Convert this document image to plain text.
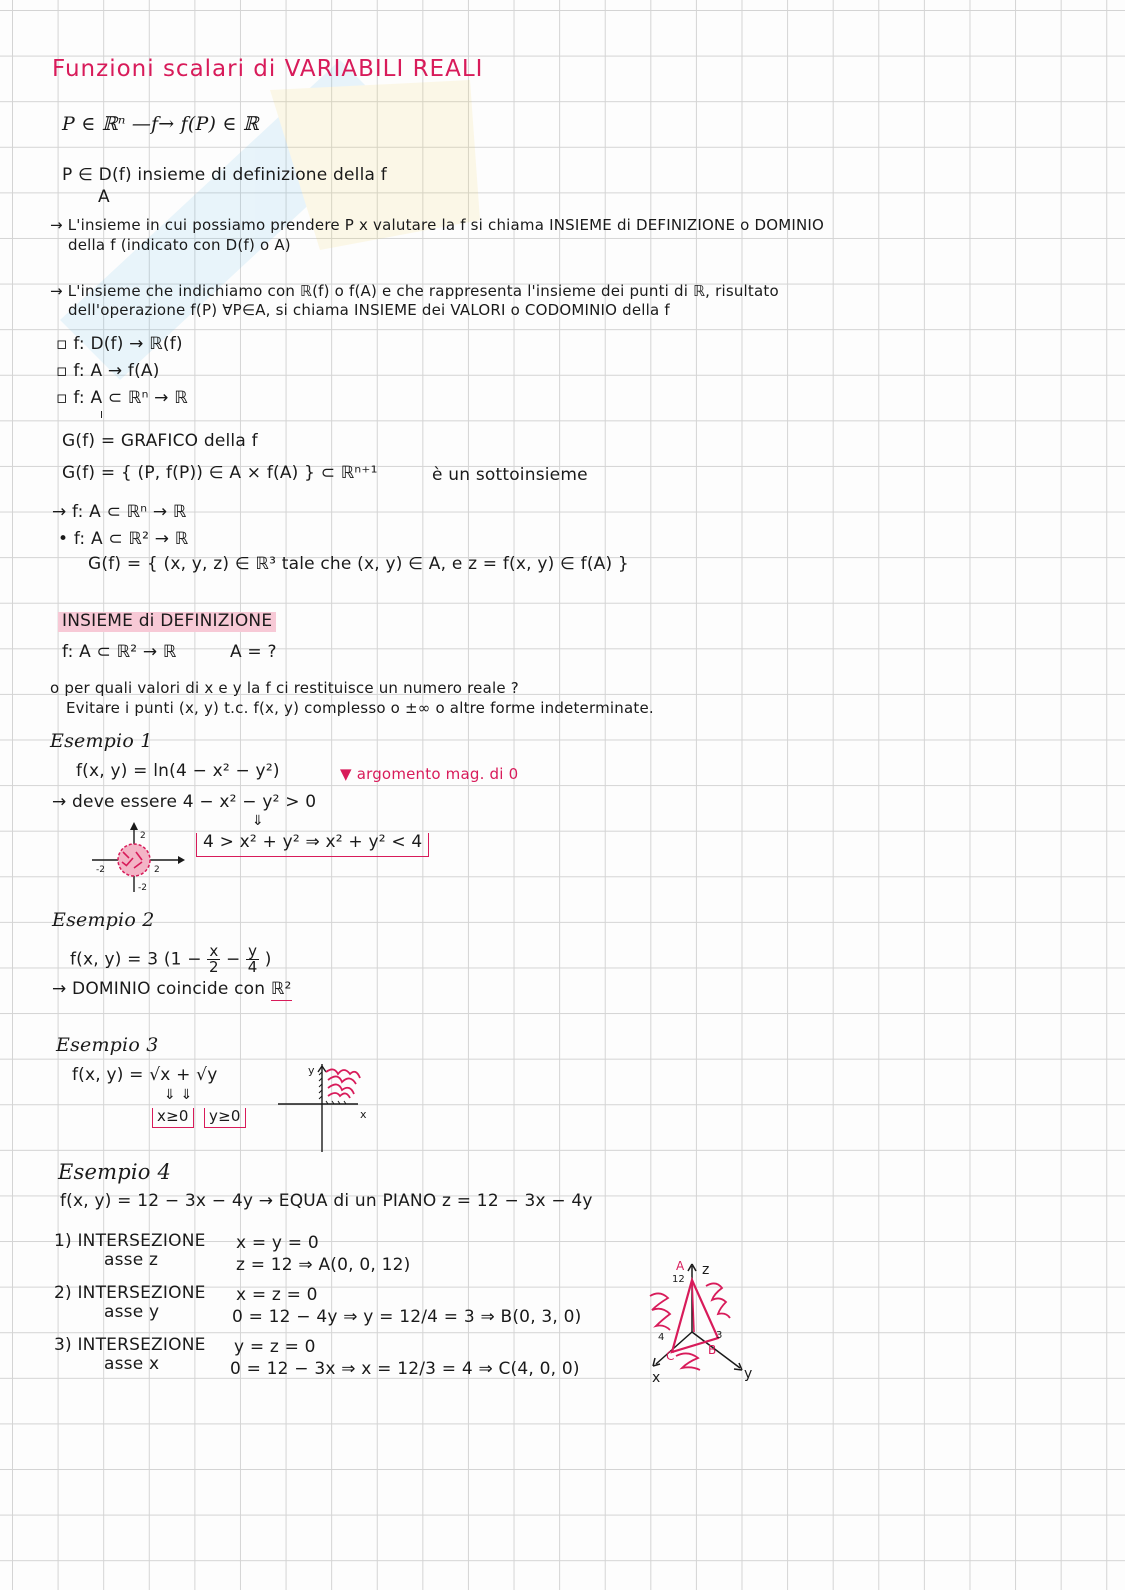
Funzioni scalari di VARIABILI REALI
P ∈ ℝⁿ —f→ f(P) ∈ ℝ
P ∈ D(f) insieme di definizione della f
A
→ L'insieme in cui possiamo prendere P x valutare la f si chiama INSIEME di DEFINIZIONE o DOMINIO
della f (indicato con D(f) o A)
→ L'insieme che indichiamo con ℝ(f) o f(A) e che rappresenta l'insieme dei punti di ℝ, risultato
dell'operazione f(P) ∀P∈A, si chiama INSIEME dei VALORI o CODOMINIO della f
▫ f: D(f) → ℝ(f)
▫ f: A → f(A)
▫ f: A ⊂ ℝⁿ → ℝ
I
G(f) = GRAFICO della f
G(f) = { (P, f(P)) ∈ A × f(A) } ⊂ ℝⁿ⁺¹	è un sottoinsieme
→ f: A ⊂ ℝⁿ → ℝ
• f: A ⊂ ℝ² → ℝ
G(f) = { (x, y, z) ∈ ℝ³ tale che (x, y) ∈ A, e z = f(x, y) ∈ f(A) }
INSIEME di DEFINIZIONE
f: A ⊂ ℝ² → ℝ	A = ?
o per quali valori di x e y la f ci restituisce un numero reale ?
Evitare i punti (x, y) t.c. f(x, y) complesso o ±∞ o altre forme indeterminate.
Esempio 1
f(x, y) = ln(4 − x² − y²)	▼ argomento mag. di 0
→ deve essere 4 − x² − y² > 0
⇓
4 > x² + y² ⇒ x² + y² < 4
2
-2	2
-2
Esempio 2
f(x, y) = 3 ($1 - \frac{x}{2} - \frac{y}{4}$ )
→ DOMINIO coincide con ℝ²
Esempio 3
f(x, y) = √x + √y
⇓ ⇓
x≥0	y≥0
y
x
Esempio 4
f(x, y) = 12 − 3x − 4y → EQUA di un PIANO z = 12 − 3x − 4y
1) INTERSEZIONE
asse z
x = y = 0
z = 12 ⇒ A(0, 0, 12)
2) INTERSEZIONE
asse y
x = z = 0
0 = 12 − 4y ⇒ y = 12/4 = 3 ⇒ B(0, 3, 0)
3) INTERSEZIONE
asse x
y = z = 0
0 = 12 − 3x ⇒ x = 12/3 = 4 ⇒ C(4, 0, 0)
A
12
z
3
B
4
C
x	y
